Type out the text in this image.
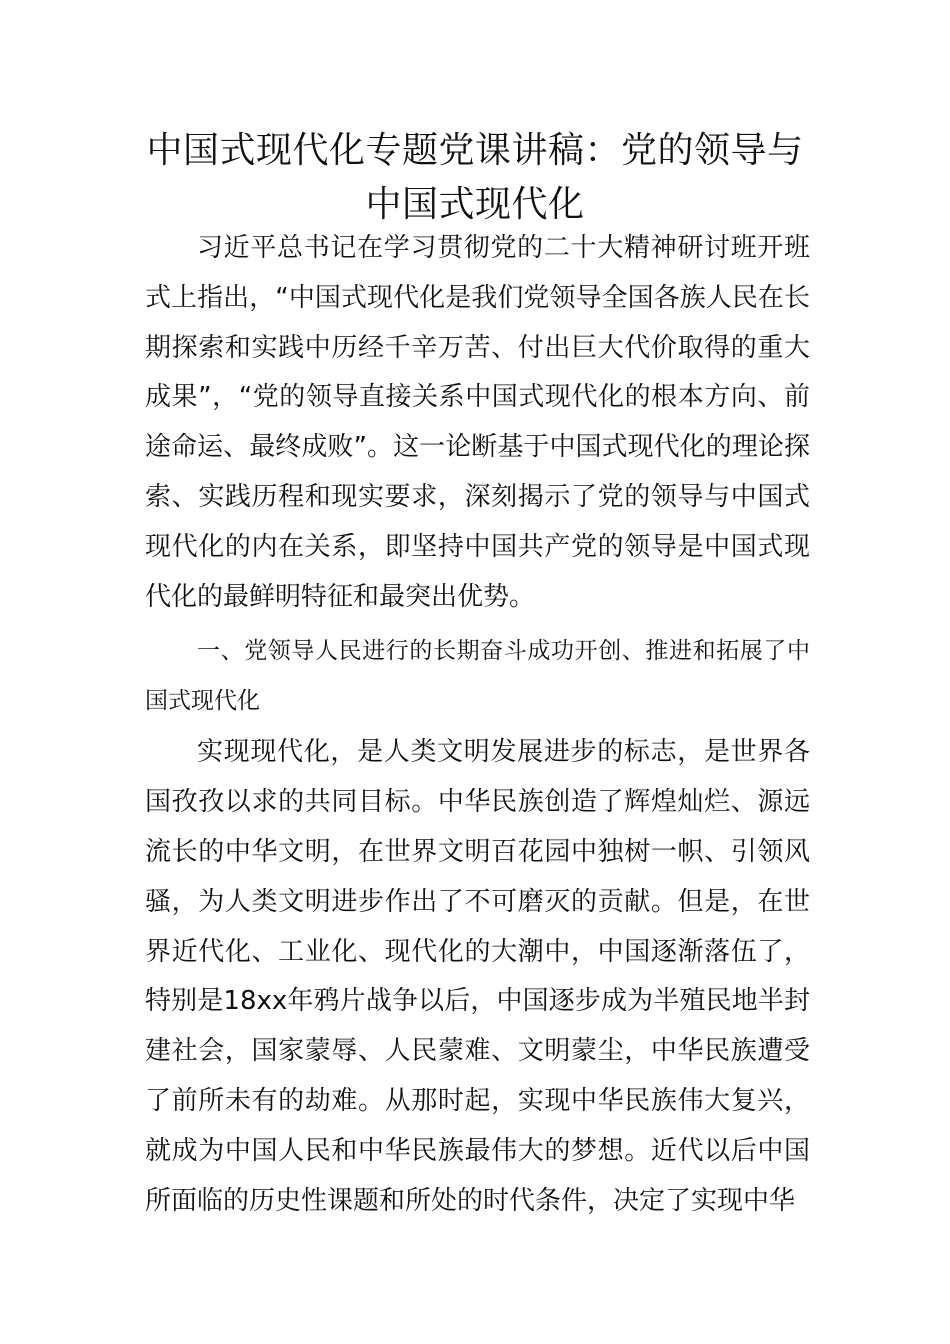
中国式现代化专题党课讲稿：党的领导与
中国式现代化

习近平总书记在学习贯彻党的二十大精神研讨班开班式上指出，“中国式现代化是我们党领导全国各族人民在长期探索和实践中历经千辛万苦、付出巨大代价取得的重大成果”，“党的领导直接关系中国式现代化的根本方向、前途命运、最终成败”。这一论断基于中国式现代化的理论探索、实践历程和现实要求，深刻揭示了党的领导与中国式现代化的内在关系，即坚持中国共产党的领导是中国式现代化的最鲜明特征和最突出优势。

一、党领导人民进行的长期奋斗成功开创、推进和拓展了中国式现代化

实现现代化，是人类文明发展进步的标志，是世界各国孜孜以求的共同目标。中华民族创造了辉煌灿烂、源远流长的中华文明，在世界文明百花园中独树一帜、引领风骚，为人类文明进步作出了不可磨灭的贡献。但是，在世界近代化、工业化、现代化的大潮中，中国逐渐落伍了，特别是18xx年鸦片战争以后，中国逐步成为半殖民地半封建社会，国家蒙辱、人民蒙难、文明蒙尘，中华民族遭受了前所未有的劫难。从那时起，实现中华民族伟大复兴，就成为中国人民和中华民族最伟大的梦想。近代以后中国所面临的历史性课题和所处的时代条件，决定了实现中华
